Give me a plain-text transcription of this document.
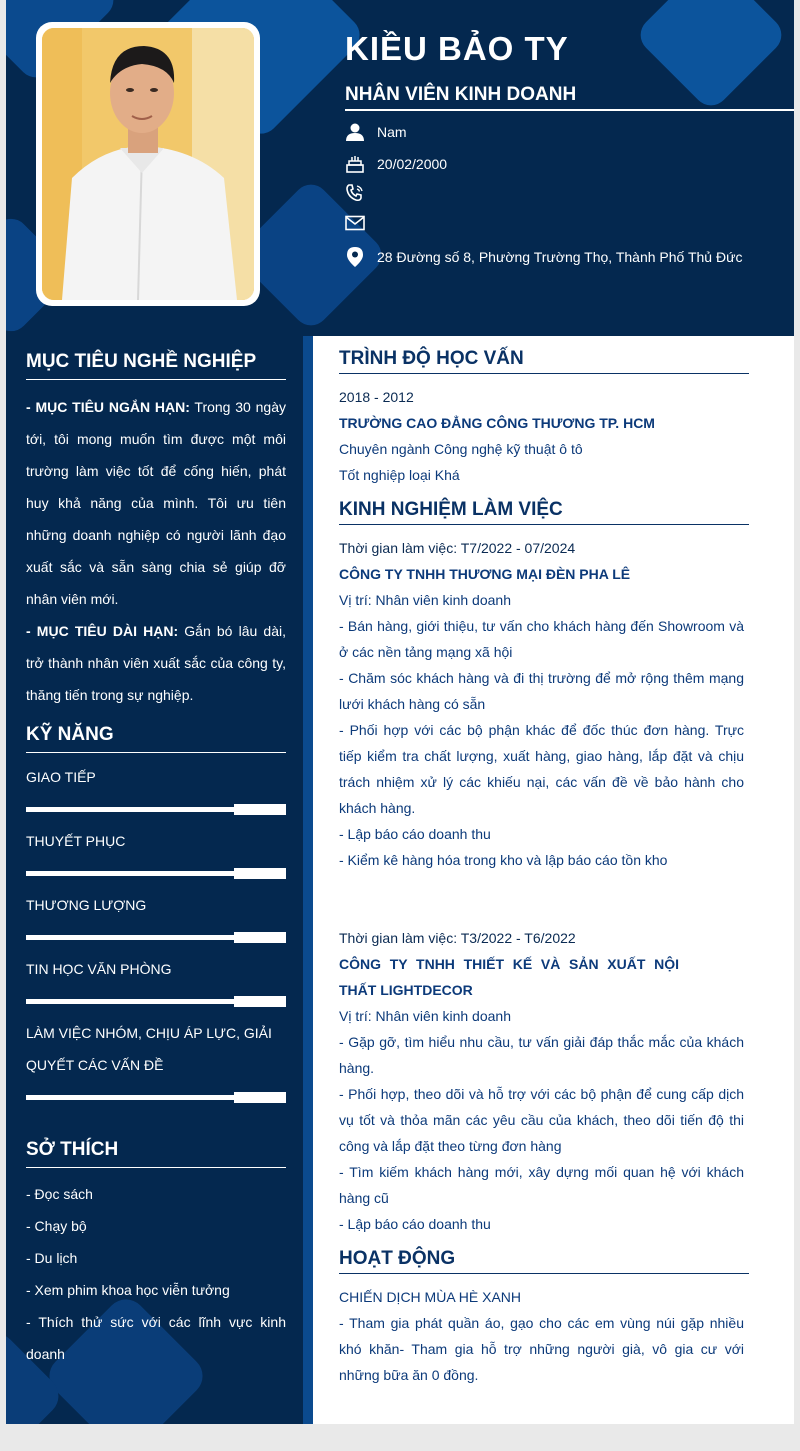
KIỀU BẢO TY
NHÂN VIÊN KINH DOANH
Nam
20/02/2000
28 Đường số 8, Phường Trường Thọ, Thành Phố Thủ Đức
MỤC TIÊU NGHỀ NGHIỆP

- MỤC TIÊU NGẮN HẠN: Trong 30 ngày tới, tôi mong muốn tìm được một môi trường làm việc tốt để cống hiến, phát huy khả năng của mình. Tôi ưu tiên những doanh nghiệp có người lãnh đạo xuất sắc và sẵn sàng chia sẻ giúp đỡ nhân viên mới.

- MỤC TIÊU DÀI HẠN: Gắn bó lâu dài, trở thành nhân viên xuất sắc của công ty, thăng tiến trong sự nghiệp.

KỸ NĂNG

GIAO TIẾP

THUYẾT PHỤC

THƯƠNG LƯỢNG

TIN HỌC VĂN PHÒNG

LÀM VIỆC NHÓM, CHỊU ÁP LỰC, GIẢI QUYẾT CÁC VẤN ĐỀ

SỞ THÍCH

- Đọc sách

- Chạy bộ

- Du lịch

- Xem phim khoa học viễn tưởng

- Thích thử sức với các lĩnh vực kinh doanh

TRÌNH ĐỘ HỌC VẤN

2018 - 2012

TRƯỜNG CAO ĐẲNG CÔNG THƯƠNG TP. HCM

Chuyên ngành Công nghệ kỹ thuật ô tô

Tốt nghiệp loại Khá

KINH NGHIỆM LÀM VIỆC

Thời gian làm việc: T7/2022 - 07/2024

CÔNG TY TNHH THƯƠNG MẠI ĐÈN PHA LÊ

Vị trí: Nhân viên kinh doanh

- Bán hàng, giới thiệu, tư vấn cho khách hàng đến Showroom và ở các nền tảng mạng xã hội

- Chăm sóc khách hàng và đi thị trường để mở rộng thêm mạng lưới khách hàng có sẵn

- Phối hợp với các bộ phận khác để đốc thúc đơn hàng. Trực tiếp kiểm tra chất lượng, xuất hàng, giao hàng, lắp đặt và chịu trách nhiệm xử lý các khiếu nại, các vấn đề về bảo hành cho khách hàng.

- Lập báo cáo doanh thu

- Kiểm kê hàng hóa trong kho và lập báo cáo tồn kho

Thời gian làm việc: T3/2022 - T6/2022

CÔNG TY TNHH THIẾT KẾ VÀ SẢN XUẤT NỘI THẤT LIGHTDECOR

Vị trí: Nhân viên kinh doanh

- Gặp gỡ, tìm hiểu nhu cầu, tư vấn giải đáp thắc mắc của khách hàng.

- Phối hợp, theo dõi và hỗ trợ với các bộ phận để cung cấp dịch vụ tốt và thỏa mãn các yêu cầu của khách, theo dõi tiến độ thi công và lắp đặt theo từng đơn hàng

- Tìm kiếm khách hàng mới, xây dựng mối quan hệ với khách hàng cũ

- Lập báo cáo doanh thu

HOẠT ĐỘNG

CHIẾN DỊCH MÙA HÈ XANH

- Tham gia phát quần áo, gạo cho các em vùng núi gặp nhiều khó khăn- Tham gia hỗ trợ những người già, vô gia cư với những bữa ăn 0 đồng.
